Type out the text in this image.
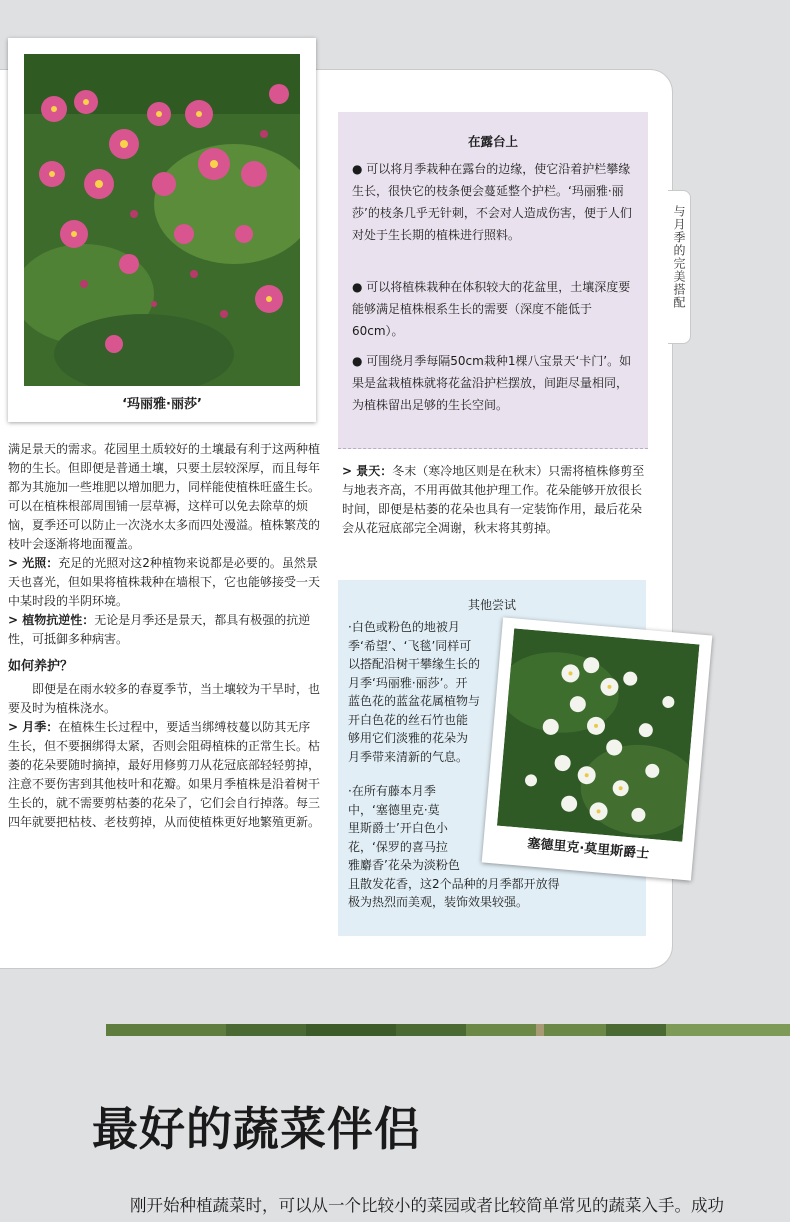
与月季的完美搭配
‘玛丽雅·丽莎’
在露台上

● 可以将月季栽种在露台的边缘，使它沿着护栏攀缘生长，很快它的枝条便会蔓延整个护栏。‘玛丽雅·丽莎’的枝条几乎无针刺，不会对人造成伤害，便于人们对处于生长期的植株进行照料。

● 可以将植株栽种在体积较大的花盆里，土壤深度要能够满足植株根系生长的需要（深度不能低于60cm）。

● 可围绕月季每隔50cm栽种1棵八宝景天‘卡门’。如果是盆栽植株就将花盆沿护栏摆放，间距尽量相同，为植株留出足够的生长空间。

满足景天的需求。花园里土质较好的土壤最有利于这两种植物的生长。但即便是普通土壤，只要土层较深厚，而且每年都为其施加一些堆肥以增加肥力，同样能使植株旺盛生长。可以在植株根部周围铺一层草褥，这样可以免去除草的烦恼，夏季还可以防止一次浇水太多而四处漫溢。植株繁茂的枝叶会逐渐将地面覆盖。

> 光照：充足的光照对这2种植物来说都是必要的。虽然景天也喜光，但如果将植株栽种在墙根下，它也能够接受一天中某时段的半阴环境。

> 植物抗逆性：无论是月季还是景天，都具有极强的抗逆性，可抵御多种病害。

如何养护？

即便是在雨水较多的春夏季节，当土壤较为干旱时，也要及时为植株浇水。

> 月季：在植株生长过程中，要适当绑缚枝蔓以防其无序生长，但不要捆绑得太紧，否则会阻碍植株的正常生长。枯萎的花朵要随时摘掉，最好用修剪刀从花冠底部轻轻剪掉，注意不要伤害到其他枝叶和花瓣。如果月季植株是沿着树干生长的，就不需要剪枯萎的花朵了，它们会自行掉落。每三四年就要把枯枝、老枝剪掉，从而使植株更好地繁殖更新。

> 景天：冬末（寒冷地区则是在秋末）只需将植株修剪至与地表齐高，不用再做其他护理工作。花朵能够开放很长时间，即便是枯萎的花朵也具有一定装饰作用，最后花朵会从花冠底部完全凋谢，秋末将其剪掉。

其他尝试
·白色或粉色的地被月
季‘希望’、‘飞毯’同样可
以搭配沿树干攀缘生长的
月季‘玛丽雅·丽莎’。开
蓝色花的蓝盆花属植物与
开白色花的丝石竹也能
够用它们淡雅的花朵为
月季带来清新的气息。
·在所有藤本月季
中，‘塞德里克·莫
里斯爵士’开白色小
花，‘保罗的喜马拉
雅麝香’花朵为淡粉色
且散发花香，这2个品种的月季都开放得
极为热烈而美观，装饰效果较强。
塞德里克·莫里斯爵士
最好的蔬菜伴侣

刚开始种植蔬菜时，可以从一个比较小的菜园或者比较简单常见的蔬菜入手。成功
